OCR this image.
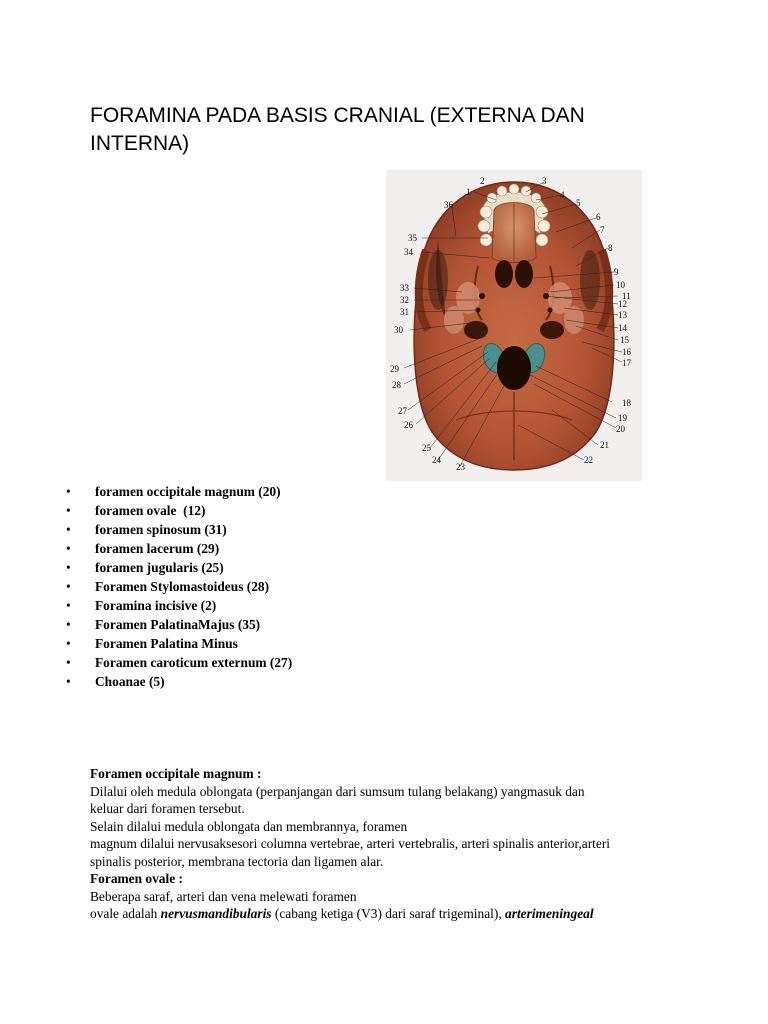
FORAMINA PADA BASIS CRANIAL (EXTERNA DAN INTERNA)
1
2	3
4
5
6
7
8
9
10
11
12
13
14
15
16
17
18
19
20
21
22
23
24
25
26
27
28
29
30
31
32
33
34
35
36
• foramen occipitale magnum (20)
• foramen ovale  (12)
• foramen spinosum (31)
• foramen lacerum (29)
• foramen jugularis (25)
• Foramen Stylomastoideus (28)
• Foramina incisive (2)
• Foramen PalatinaMajus (35)
• Foramen Palatina Minus
• Foramen caroticum externum (27)
• Choanae (5)

Foramen occipitale magnum :

Dilalui oleh medula oblongata (perpanjangan dari sumsum tulang belakang) yangmasuk dan

keluar dari foramen tersebut.

Selain dilalui medula oblongata dan membrannya, foramen

magnum dilalui nervusaksesori columna vertebrae, arteri vertebralis, arteri spinalis anterior,arteri

spinalis posterior, membrana tectoria dan ligamen alar.

Foramen ovale :

Beberapa saraf, arteri dan vena melewati foramen

ovale adalah nervusmandibularis (cabang ketiga (V3) dari saraf trigeminal), arterimeningeal
